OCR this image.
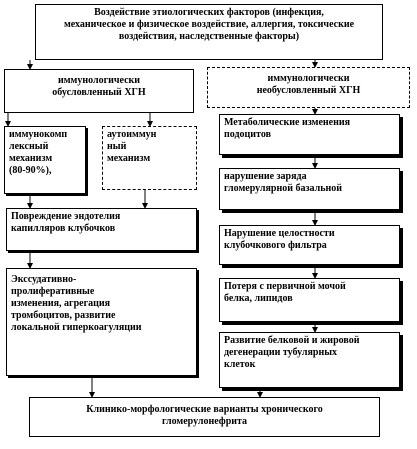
Воздействие этиологических факторов (инфекция,
механическое и физическое воздействие, аллергия, токсические
воздействия, наследственные факторы)
иммунологически
обусловленный ХГН
иммунологически
необусловленный ХГН
иммунокомп
лексный
механизм
(80-90%),
аутоиммун
ный
механизм
Повреждение эндотелия
капилляров клубочков
Экссудативно-
пролиферативные
изменения, агрегация
тромбоцитов, развитие
локальной гиперкоагуляции
Метаболические изменения
подоцитов
нарушение заряда
гломерулярной базальной
Нарушение целостности
клубочкового фильтра
Потеря с первичной мочой
белка, липидов
Развитие белковой и жировой
дегенерации тубулярных
клеток
Клинико-морфологические варианты хронического
гломерулонефрита
